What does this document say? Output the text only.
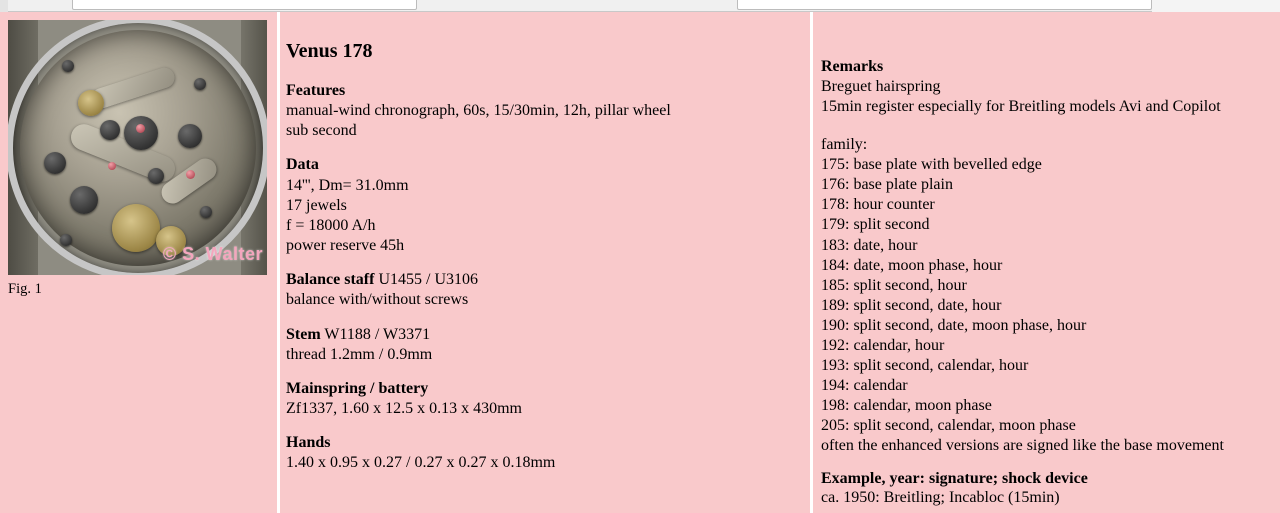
© S. Walter
Fig. 1
Venus 178
Features
manual-wind chronograph, 60s, 15/30min, 12h, pillar wheel
sub second
Data
14''', Dm= 31.0mm
17 jewels
f = 18000 A/h
power reserve 45h
Balance staff U1455 / U3106
balance with/without screws
Stem W1188 / W3371
thread 1.2mm / 0.9mm
Mainspring / battery
Zf1337, 1.60 x 12.5 x 0.13 x 430mm
Hands
1.40 x 0.95 x 0.27 / 0.27 x 0.27 x 0.18mm
Remarks
Breguet hairspring
15min register especially for Breitling models Avi and Copilot
family:
175: base plate with bevelled edge
176: base plate plain
178: hour counter
179: split second
183: date, hour
184: date, moon phase, hour
185: split second, hour
189: split second, date, hour
190: split second, date, moon phase, hour
192: calendar, hour
193: split second, calendar, hour
194: calendar
198: calendar, moon phase
205: split second, calendar, moon phase
often the enhanced versions are signed like the base movement
Example, year: signature; shock device
ca. 1950: Breitling; Incabloc (15min)
